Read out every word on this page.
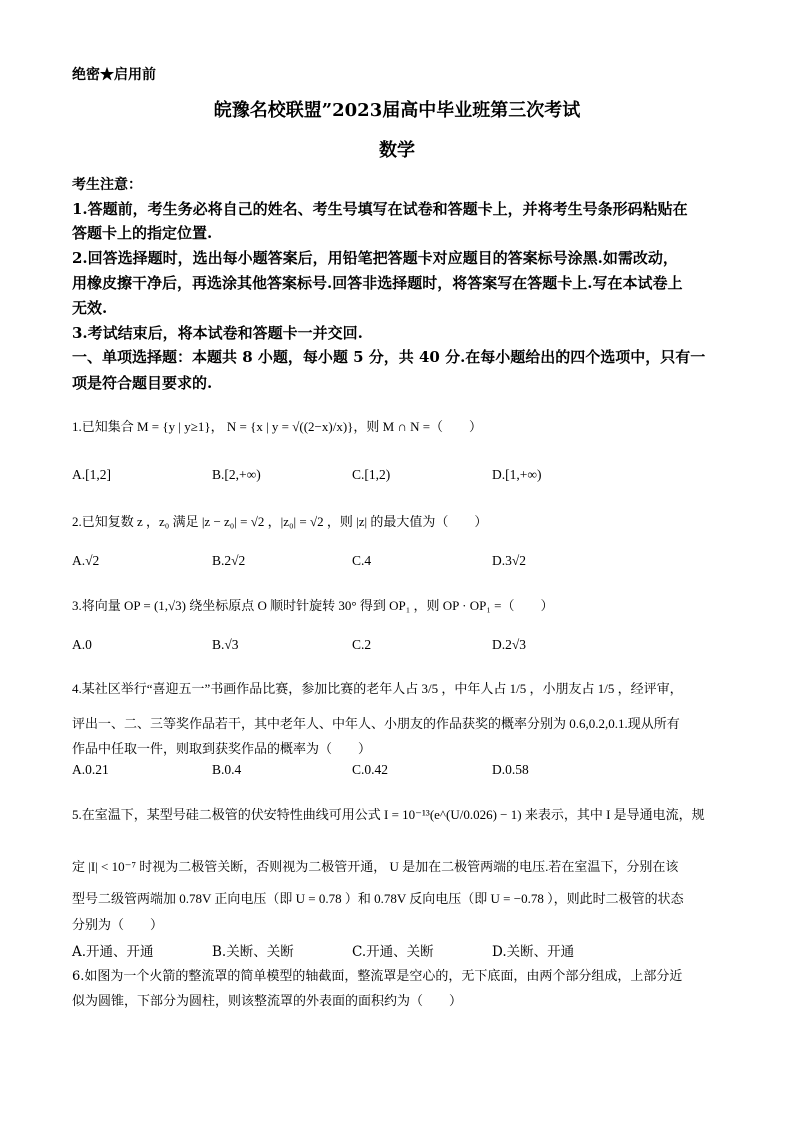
绝密★启用前
皖豫名校联盟”2023届高中毕业班第三次考试
数学
考生注意：
1.答题前，考生务必将自己的姓名、考生号填写在试卷和答题卡上，并将考生号条形码粘贴在
答题卡上的指定位置.
2.回答选择题时，选出每小题答案后，用铅笔把答题卡对应题目的答案标号涂黑.如需改动，
用橡皮擦干净后，再选涂其他答案标号.回答非选择题时，将答案写在答题卡上.写在本试卷上
无效.
3.考试结束后，将本试卷和答题卡一并交回.
一、单项选择题：本题共 8 小题，每小题 5 分，共 40 分.在每小题给出的四个选项中，只有一
项是符合题目要求的.
1.已知集合 M = {y | y≥1}， N = {x | y = √((2−x)/x)}，则 M ∩ N =（　　）
A.[1,2]	B.[2,+∞)	C.[1,2)	D.[1,+∞)
2.已知复数 z ，z₀ 满足 |z − z₀| = √2 ，|z₀| = √2 ，则 |z| 的最大值为（　　）
A.√2	B.2√2	C.4	D.3√2
3.将向量 OP = (1,√3) 绕坐标原点 O 顺时针旋转 30° 得到 OP₁ ，则 OP · OP₁ =（　　）
A.0	B.√3	C.2	D.2√3
4.某社区举行“喜迎五一”书画作品比赛，参加比赛的老年人占 3/5 ，中年人占 1/5 ，小朋友占 1/5 ，经评审，
评出一、二、三等奖作品若干，其中老年人、中年人、小朋友的作品获奖的概率分别为 0.6,0.2,0.1.现从所有
作品中任取一件，则取到获奖作品的概率为（　　）
A.0.21	B.0.4	C.0.42	D.0.58
5.在室温下，某型号硅二极管的伏安特性曲线可用公式 I = 10⁻¹³(e^(U/0.026) − 1) 来表示，其中 I 是导通电流，规
定 |I| < 10⁻⁷ 时视为二极管关断，否则视为二极管开通， U 是加在二极管两端的电压.若在室温下，分别在该
型号二级管两端加 0.78V 正向电压（即 U = 0.78 ）和 0.78V 反向电压（即 U = −0.78 ），则此时二极管的状态
分别为（　　）
A.开通、开通	B.关断、关断	C.开通、关断	D.关断、开通
6.如图为一个火箭的整流罩的简单模型的轴截面，整流罩是空心的，无下底面，由两个部分组成，上部分近
似为圆锥，下部分为圆柱，则该整流罩的外表面的面积约为（　　）
